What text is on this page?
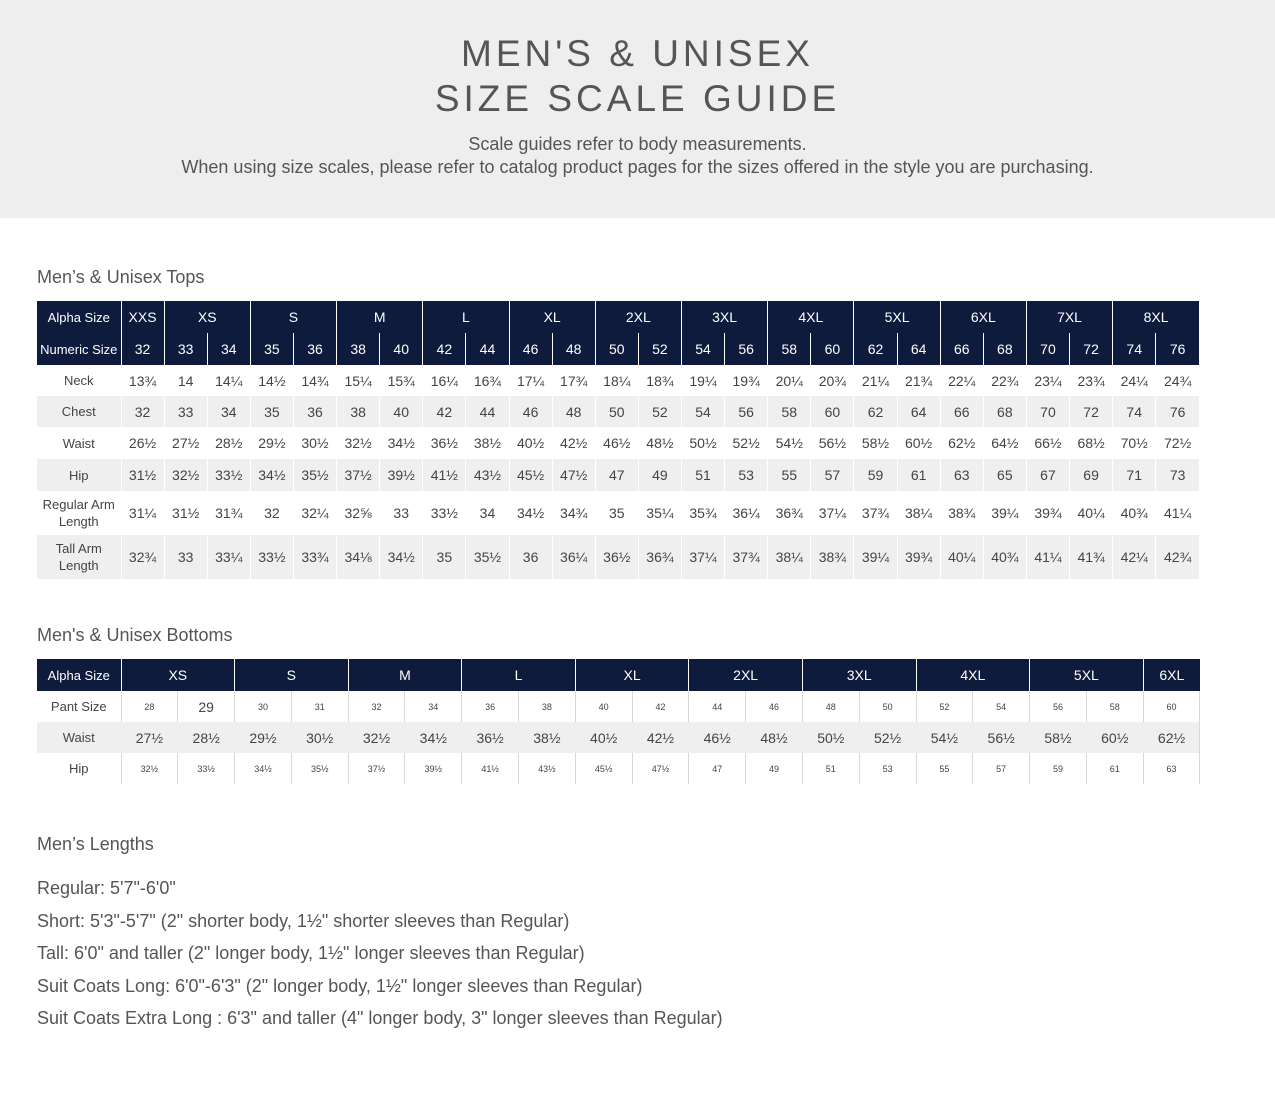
MEN'S & UNISEX
SIZE SCALE GUIDE
Scale guides refer to body measurements.
When using size scales, please refer to catalog product pages for the sizes offered in the style you are purchasing.
Men’s & Unisex Tops
Alpha Size	XXS	XS		S		M		L		XL		2XL		3XL		4XL		5XL		6XL		7XL		8XL	
Numeric Size	32	33	34	35	36	38	40	42	44	46	48	50	52	54	56	58	60	62	64	66	68	70	72	74	76
Neck	13¾	14	14¼	14½	14¾	15¼	15¾	16¼	16¾	17¼	17¾	18¼	18¾	19¼	19¾	20¼	20¾	21¼	21¾	22¼	22¾	23¼	23¾	24¼	24¾
Chest	32	33	34	35	36	38	40	42	44	46	48	50	52	54	56	58	60	62	64	66	68	70	72	74	76
Waist	26½	27½	28½	29½	30½	32½	34½	36½	38½	40½	42½	46½	48½	50½	52½	54½	56½	58½	60½	62½	64½	66½	68½	70½	72½
Hip	31½	32½	33½	34½	35½	37½	39½	41½	43½	45½	47½	47	49	51	53	55	57	59	61	63	65	67	69	71	73
Regular Arm Length	31¼	31½	31¾	32	32¼	32⅝	33	33½	34	34½	34¾	35	35¼	35¾	36¼	36¾	37¼	37¾	38¼	38¾	39¼	39¾	40¼	40¾	41¼
Tall Arm Length	32¾	33	33¼	33½	33¾	34⅛	34½	35	35½	36	36¼	36½	36¾	37¼	37¾	38¼	38¾	39¼	39¾	40¼	40¾	41¼	41¾	42¼	42¾
Men's & Unisex Bottoms
Alpha Size	XS		S		M		L		XL		2XL		3XL		4XL		5XL		6XL
Pant Size	28	29	30	31	32	34	36	38	40	42	44	46	48	50	52	54	56	58	60
Waist	27½	28½	29½	30½	32½	34½	36½	38½	40½	42½	46½	48½	50½	52½	54½	56½	58½	60½	62½
Hip	32½	33½	34½	35½	37½	39½	41½	43½	45½	47½	47	49	51	53	55	57	59	61	63
Men’s Lengths
Regular: 5'7"-6'0"
Short: 5'3"-5'7" (2" shorter body, 1½" shorter sleeves than Regular)
Tall: 6'0" and taller (2" longer body, 1½" longer sleeves than Regular)
Suit Coats Long: 6'0"-6'3" (2" longer body, 1½" longer sleeves than Regular)
Suit Coats Extra Long : 6'3" and taller (4" longer body, 3" longer sleeves than Regular)
